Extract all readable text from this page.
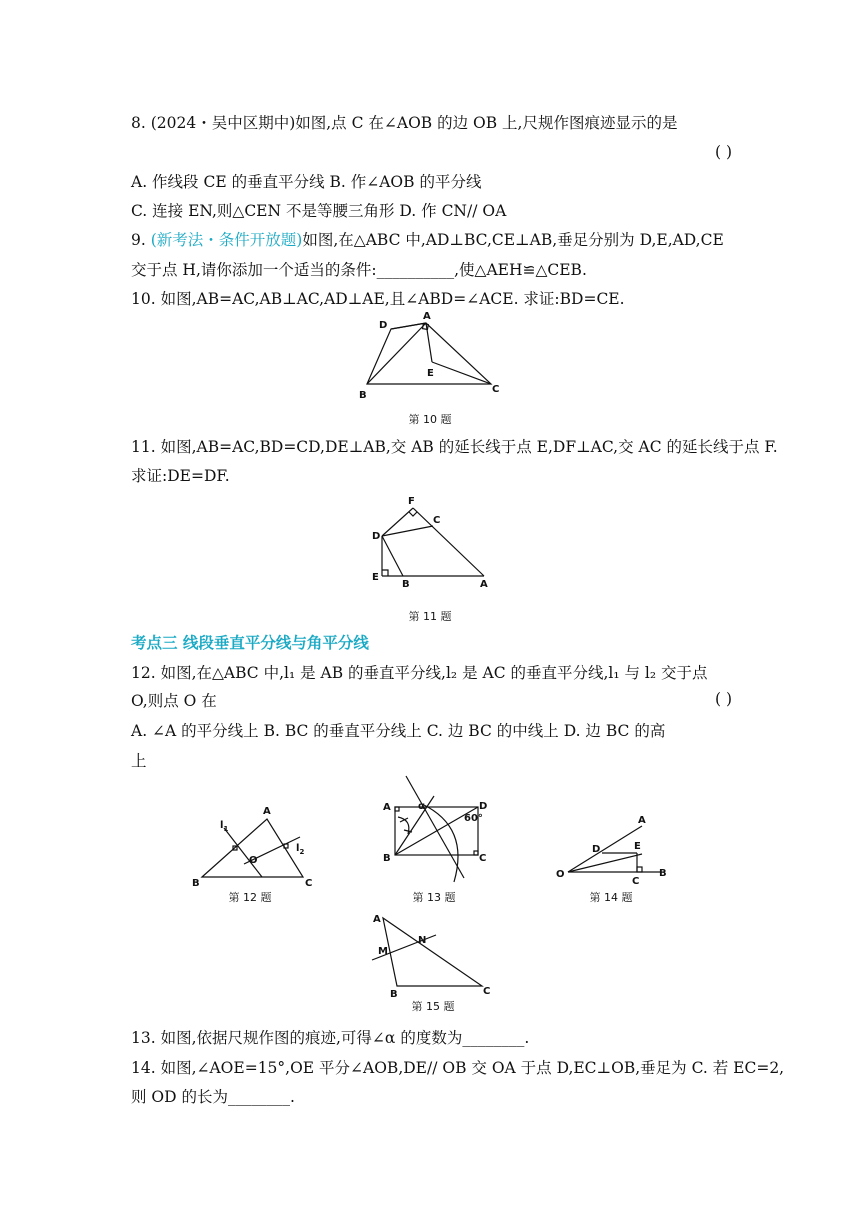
8. (2024・吴中区期中)如图,点 C 在∠AOB 的边 OB 上,尺规作图痕迹显示的是
( )
A. 作线段 CE 的垂直平分线 B. 作∠AOB 的平分线
C. 连接 EN,则△CEN 不是等腰三角形 D. 作 CN// OA
9. (新考法・条件开放题)如图,在△ABC 中,AD⊥BC,CE⊥AB,垂足分别为 D,E,AD,CE
交于点 H,请你添加一个适当的条件:__________,使△AEH≌△CEB.
10. 如图,AB=AC,AB⊥AC,AD⊥AE,且∠ABD=∠ACE. 求证:BD=CE.
D
A
E
B
C
第 10 题
11. 如图,AB=AC,BD=CD,DE⊥AB,交 AB 的延长线于点 E,DF⊥AC,交 AC 的延长线于点 F.
求证:DE=DF.
F
C
D
E
B	A
第 11 题
考点三 线段垂直平分线与角平分线
12. 如图,在△ABC 中,l₁ 是 AB 的垂直平分线,l₂ 是 AC 的垂直平分线,l₁ 与 l₂ 交于点
O,则点 O 在	( )
A. ∠A 的平分线上 B. BC 的垂直平分线上 C. 边 BC 的中线上 D. 边 BC 的高
上
A
B	C
O
$l_1$
$l_2$
第 12 题
A
B	C
D
α
60°
第 13 题
O
A
D	E
C
B
第 14 题
A
M
N
B	C
第 15 题
13. 如图,依据尺规作图的痕迹,可得∠α 的度数为________.
14. 如图,∠AOE=15°,OE 平分∠AOB,DE// OB 交 OA 于点 D,EC⊥OB,垂足为 C. 若 EC=2,
则 OD 的长为________.
